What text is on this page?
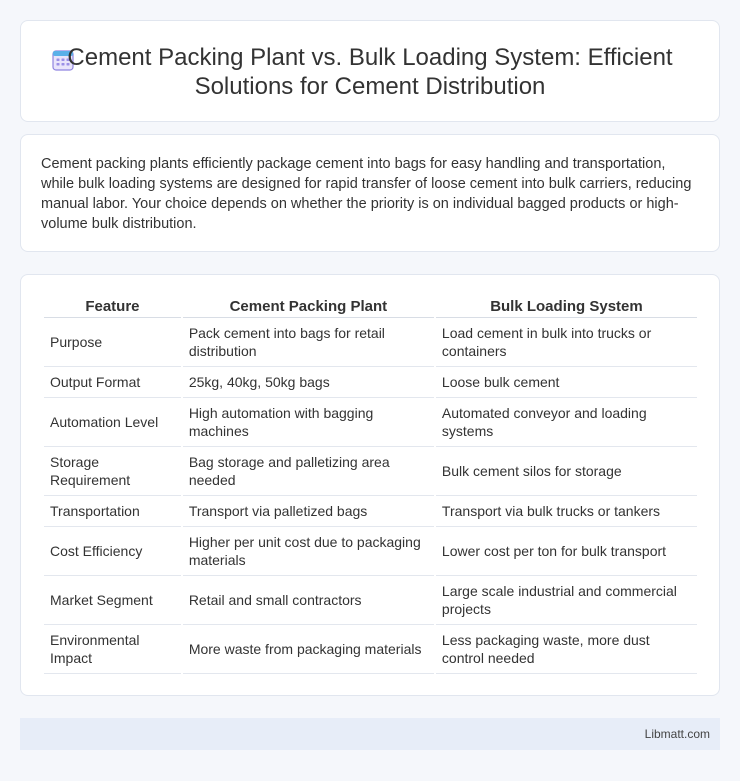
Cement Packing Plant vs. Bulk Loading System: Efficient Solutions for Cement Distribution

Cement packing plants efficiently package cement into bags for easy handling and transportation, while bulk loading systems are designed for rapid transfer of loose cement into bulk carriers, reducing manual labor. Your choice depends on whether the priority is on individual bagged products or high-volume bulk distribution.

Feature	Cement Packing Plant	Bulk Loading System
Purpose	Pack cement into bags for retail distribution	Load cement in bulk into trucks or containers
Output Format	25kg, 40kg, 50kg bags	Loose bulk cement
Automation Level	High automation with bagging machines	Automated conveyor and loading systems
Storage Requirement	Bag storage and palletizing area needed	Bulk cement silos for storage
Transportation	Transport via palletized bags	Transport via bulk trucks or tankers
Cost Efficiency	Higher per unit cost due to packaging materials	Lower cost per ton for bulk transport
Market Segment	Retail and small contractors	Large scale industrial and commercial projects
Environmental Impact	More waste from packaging materials	Less packaging waste, more dust control needed
Libmatt.com
